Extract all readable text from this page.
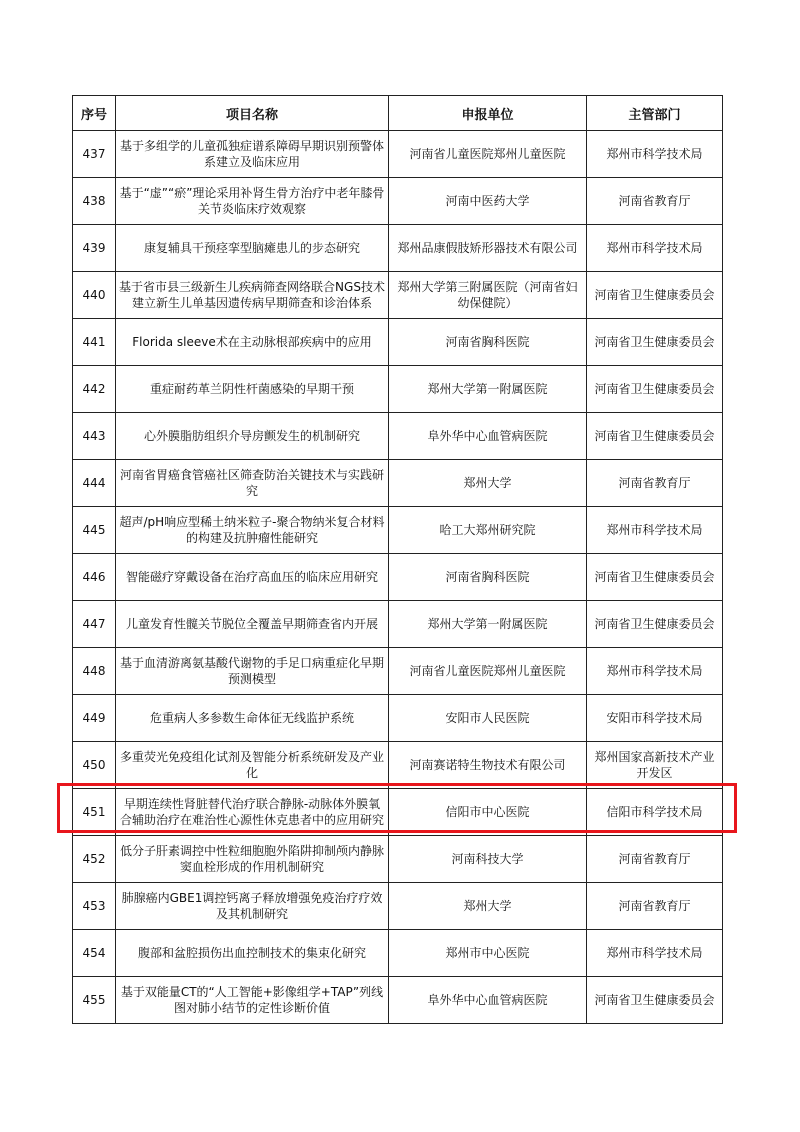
序号	项目名称	申报单位	主管部门
437	基于多组学的儿童孤独症谱系障碍早期识别预警体系建立及临床应用	河南省儿童医院郑州儿童医院	郑州市科学技术局
438	基于“虚”“瘀”理论采用补肾生骨方治疗中老年膝骨关节炎临床疗效观察	河南中医药大学	河南省教育厅
439	康复辅具干预痉挛型脑瘫患儿的步态研究	郑州品康假肢矫形器技术有限公司	郑州市科学技术局
440	基于省市县三级新生儿疾病筛查网络联合NGS技术建立新生儿单基因遗传病早期筛查和诊治体系	郑州大学第三附属医院（河南省妇幼保健院）	河南省卫生健康委员会
441	Florida sleeve术在主动脉根部疾病中的应用	河南省胸科医院	河南省卫生健康委员会
442	重症耐药革兰阴性杆菌感染的早期干预	郑州大学第一附属医院	河南省卫生健康委员会
443	心外膜脂肪组织介导房颤发生的机制研究	阜外华中心血管病医院	河南省卫生健康委员会
444	河南省胃癌食管癌社区筛查防治关键技术与实践研究	郑州大学	河南省教育厅
445	超声/pH响应型稀土纳米粒子-聚合物纳米复合材料的构建及抗肿瘤性能研究	哈工大郑州研究院	郑州市科学技术局
446	智能磁疗穿戴设备在治疗高血压的临床应用研究	河南省胸科医院	河南省卫生健康委员会
447	儿童发育性髋关节脱位全覆盖早期筛查省内开展	郑州大学第一附属医院	河南省卫生健康委员会
448	基于血清游离氨基酸代谢物的手足口病重症化早期预测模型	河南省儿童医院郑州儿童医院	郑州市科学技术局
449	危重病人多参数生命体征无线监护系统	安阳市人民医院	安阳市科学技术局
450	多重荧光免疫组化试剂及智能分析系统研发及产业化	河南赛诺特生物技术有限公司	郑州国家高新技术产业开发区
451	早期连续性肾脏替代治疗联合静脉-动脉体外膜氧合辅助治疗在难治性心源性休克患者中的应用研究	信阳市中心医院	信阳市科学技术局
452	低分子肝素调控中性粒细胞胞外陷阱抑制颅内静脉窦血栓形成的作用机制研究	河南科技大学	河南省教育厅
453	肺腺癌内GBE1调控钙离子释放增强免疫治疗疗效及其机制研究	郑州大学	河南省教育厅
454	腹部和盆腔损伤出血控制技术的集束化研究	郑州市中心医院	郑州市科学技术局
455	基于双能量CT的“人工智能+影像组学+TAP”列线图对肺小结节的定性诊断价值	阜外华中心血管病医院	河南省卫生健康委员会
